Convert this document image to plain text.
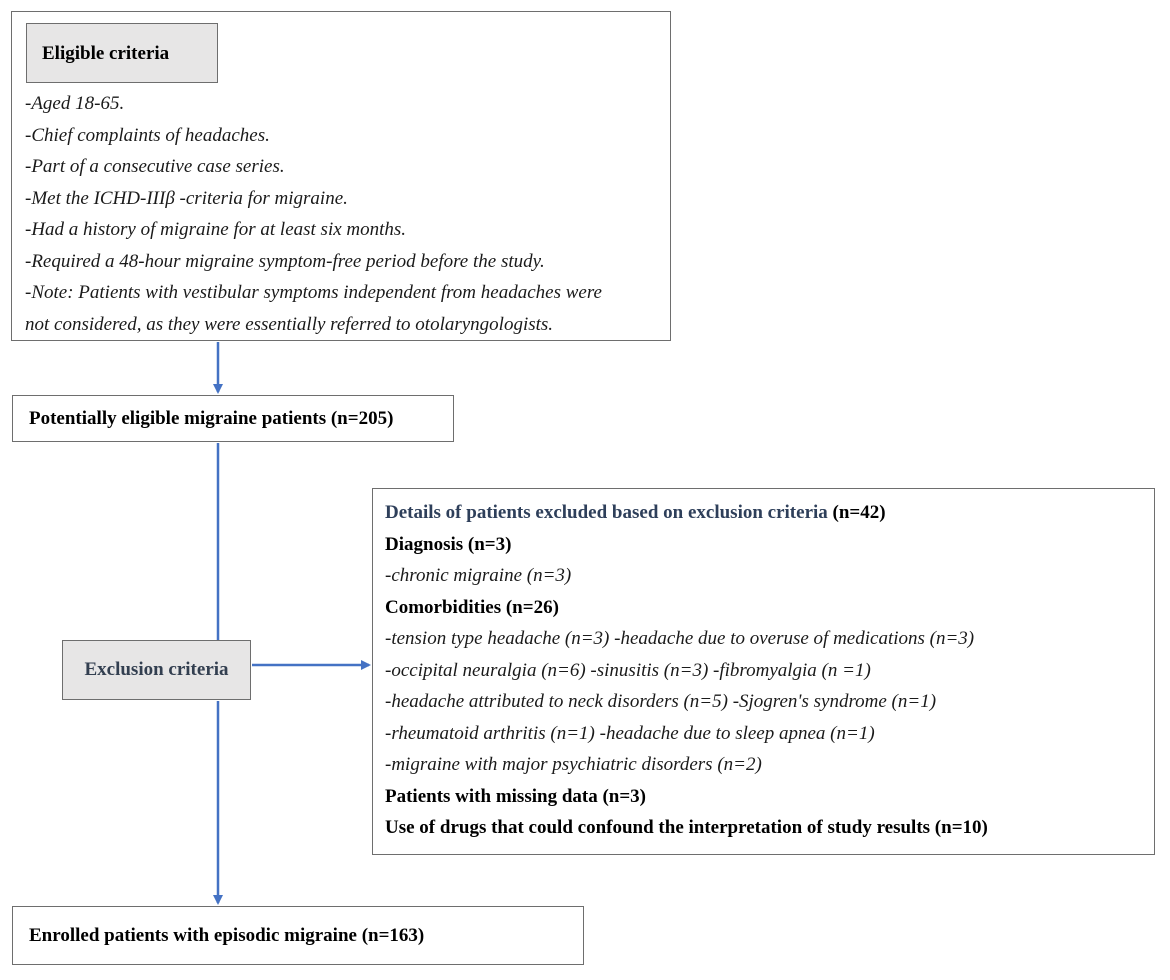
Eligible criteria
-Aged 18-65.
-Chief complaints of headaches.
-Part of a consecutive case series.
-Met the ICHD-IIIβ -criteria for migraine.
-Had a history of migraine for at least six months.
-Required a 48-hour migraine symptom-free period before the study.
-Note: Patients with vestibular symptoms independent from headaches were
not considered, as they were essentially referred to otolaryngologists.
Potentially eligible migraine patients (n=205)
Exclusion criteria
Details of patients excluded based on exclusion criteria (n=42)
Diagnosis (n=3)
-chronic migraine (n=3)
Comorbidities (n=26)
-tension type headache (n=3) -headache due to overuse of medications (n=3)
-occipital neuralgia (n=6) -sinusitis (n=3) -fibromyalgia (n =1)
-headache attributed to neck disorders (n=5) -Sjogren's syndrome (n=1)
-rheumatoid arthritis (n=1) -headache due to sleep apnea (n=1)
-migraine with major psychiatric disorders (n=2)
Patients with missing data (n=3)
Use of drugs that could confound the interpretation of study results (n=10)
Enrolled patients with episodic migraine (n=163)
